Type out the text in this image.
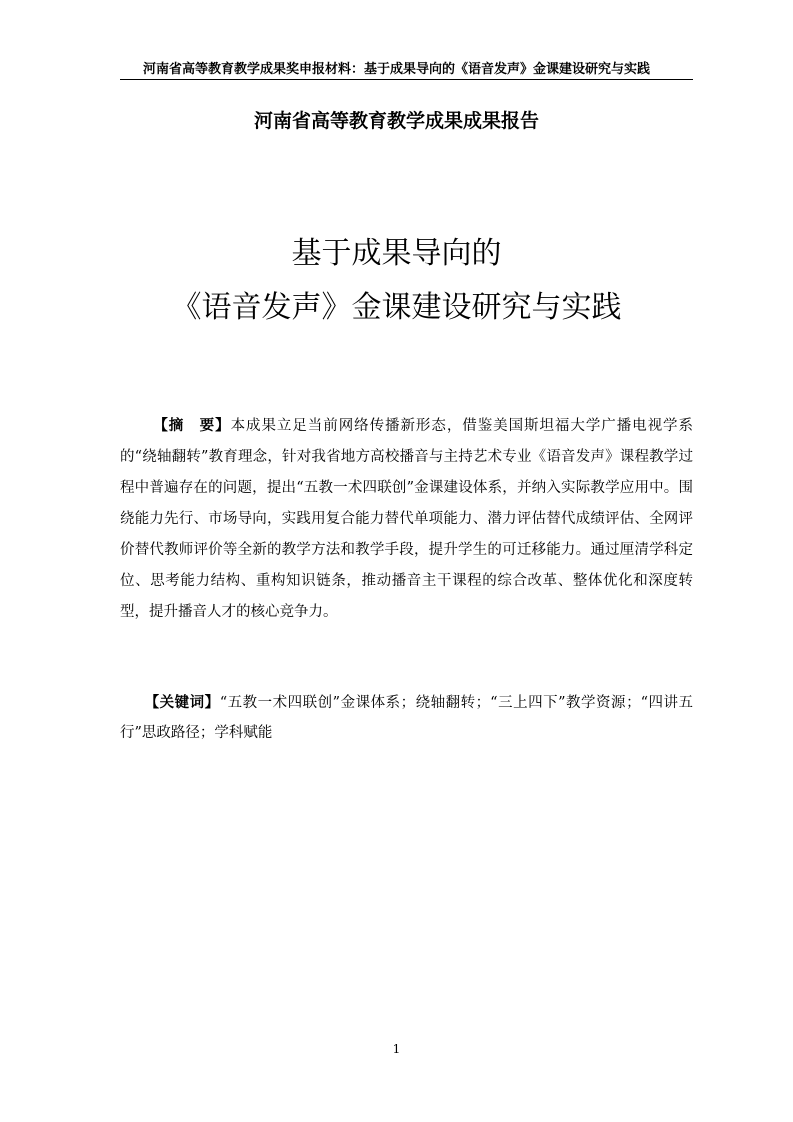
河南省高等教育教学成果奖申报材料：基于成果导向的《语音发声》金课建设研究与实践
河南省高等教育教学成果成果报告
基于成果导向的
《语音发声》金课建设研究与实践

【摘　要】本成果立足当前网络传播新形态，借鉴美国斯坦福大学广播电视学系的“绕轴翻转”教育理念，针对我省地方高校播音与主持艺术专业《语音发声》课程教学过程中普遍存在的问题，提出“五教一术四联创”金课建设体系，并纳入实际教学应用中。围绕能力先行、市场导向，实践用复合能力替代单项能力、潜力评估替代成绩评估、全网评价替代教师评价等全新的教学方法和教学手段，提升学生的可迁移能力。通过厘清学科定位、思考能力结构、重构知识链条，推动播音主干课程的综合改革、整体优化和深度转型，提升播音人才的核心竞争力。

【关键词】“五教一术四联创”金课体系；绕轴翻转；“三上四下”教学资源；“四讲五行”思政路径；学科赋能

1
